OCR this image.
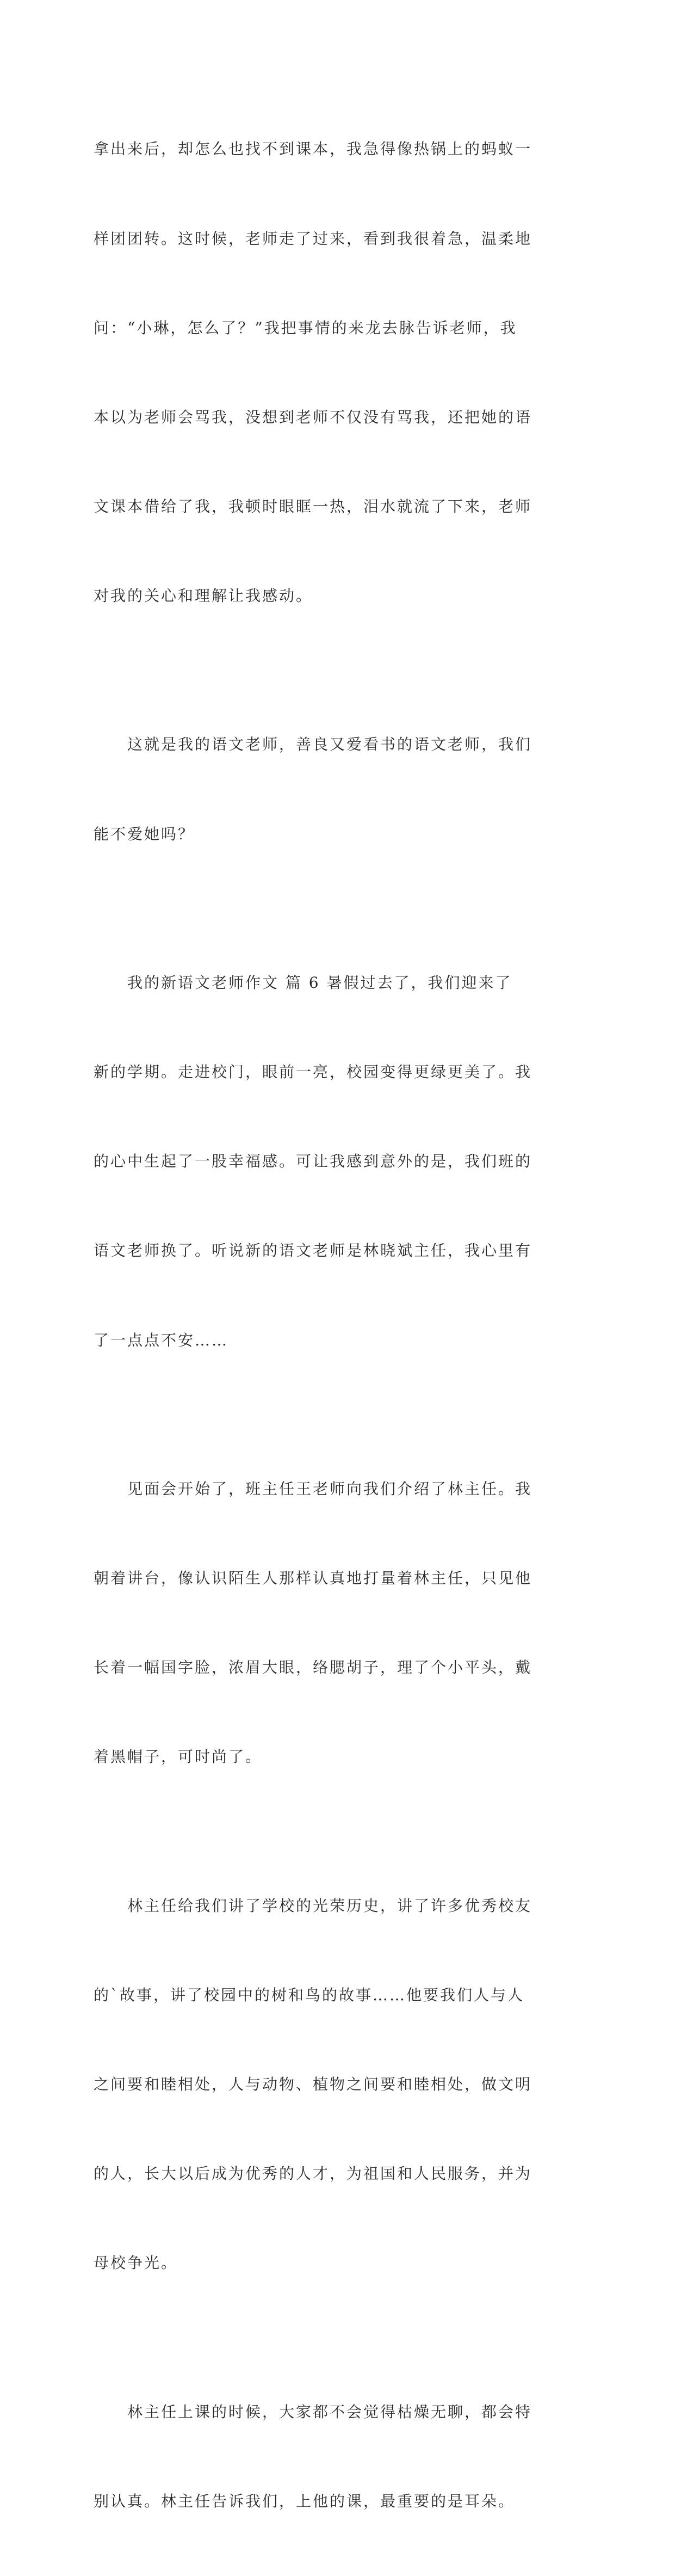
拿出来后，却怎么也找不到课本，我急得像热锅上的蚂蚁一

样团团转。这时候，老师走了过来，看到我很着急，温柔地

问：“小琳，怎么了？”我把事情的来龙去脉告诉老师，我

本以为老师会骂我，没想到老师不仅没有骂我，还把她的语

文课本借给了我，我顿时眼眶一热，泪水就流了下来，老师

对我的关心和理解让我感动。

这就是我的语文老师，善良又爱看书的语文老师，我们

能不爱她吗？

我的新语文老师作文 篇 6 暑假过去了，我们迎来了

新的学期。走进校门，眼前一亮，校园变得更绿更美了。我

的心中生起了一股幸福感。可让我感到意外的是，我们班的

语文老师换了。听说新的语文老师是林晓斌主任，我心里有

了一点点不安……

见面会开始了，班主任王老师向我们介绍了林主任。我

朝着讲台，像认识陌生人那样认真地打量着林主任，只见他

长着一幅国字脸，浓眉大眼，络腮胡子，理了个小平头，戴

着黑帽子，可时尚了。

林主任给我们讲了学校的光荣历史，讲了许多优秀校友

的`故事，讲了校园中的树和鸟的故事……他要我们人与人

之间要和睦相处，人与动物、植物之间要和睦相处，做文明

的人，长大以后成为优秀的人才，为祖国和人民服务，并为

母校争光。

林主任上课的时候，大家都不会觉得枯燥无聊，都会特

别认真。林主任告诉我们，上他的课，最重要的是耳朵。
